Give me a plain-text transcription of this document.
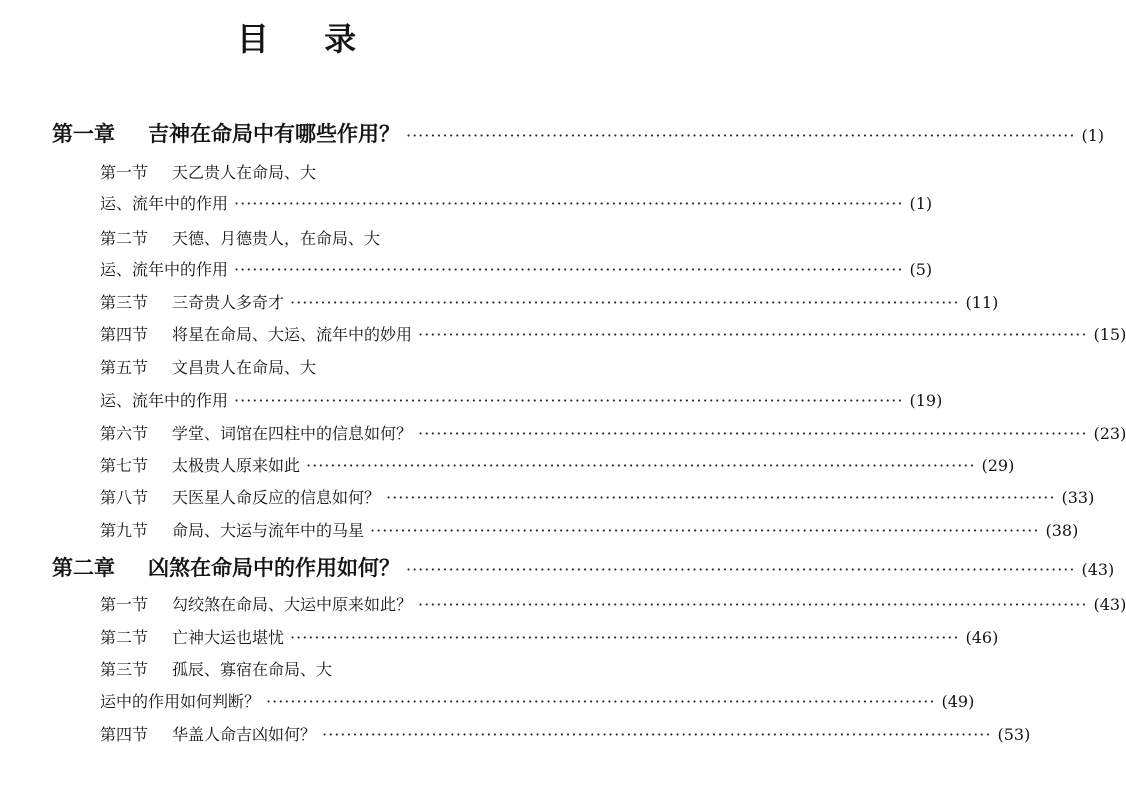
目 录
第一章	吉神在命局中有哪些作用？ ·············································································································· (1)
第一节	天乙贵人在命局、大
运、流年中的作用 ·············································································································· (1)
第二节	天德、月德贵人，在命局、大
运、流年中的作用 ·············································································································· (5)
第三节	三奇贵人多奇才 ·············································································································· (11)
第四节	将星在命局、大运、流年中的妙用 ·············································································································· (15)
第五节	文昌贵人在命局、大
运、流年中的作用 ·············································································································· (19)
第六节	学堂、词馆在四柱中的信息如何？ ·············································································································· (23)
第七节	太极贵人原来如此 ·············································································································· (29)
第八节	天医星人命反应的信息如何？ ·············································································································· (33)
第九节	命局、大运与流年中的马星 ·············································································································· (38)
第二章	凶煞在命局中的作用如何？ ·············································································································· (43)
第一节	勾绞煞在命局、大运中原来如此？ ·············································································································· (43)
第二节	亡神大运也堪忧 ·············································································································· (46)
第三节	孤辰、寡宿在命局、大
运中的作用如何判断？ ·············································································································· (49)
第四节	华盖人命吉凶如何？ ·············································································································· (53)
